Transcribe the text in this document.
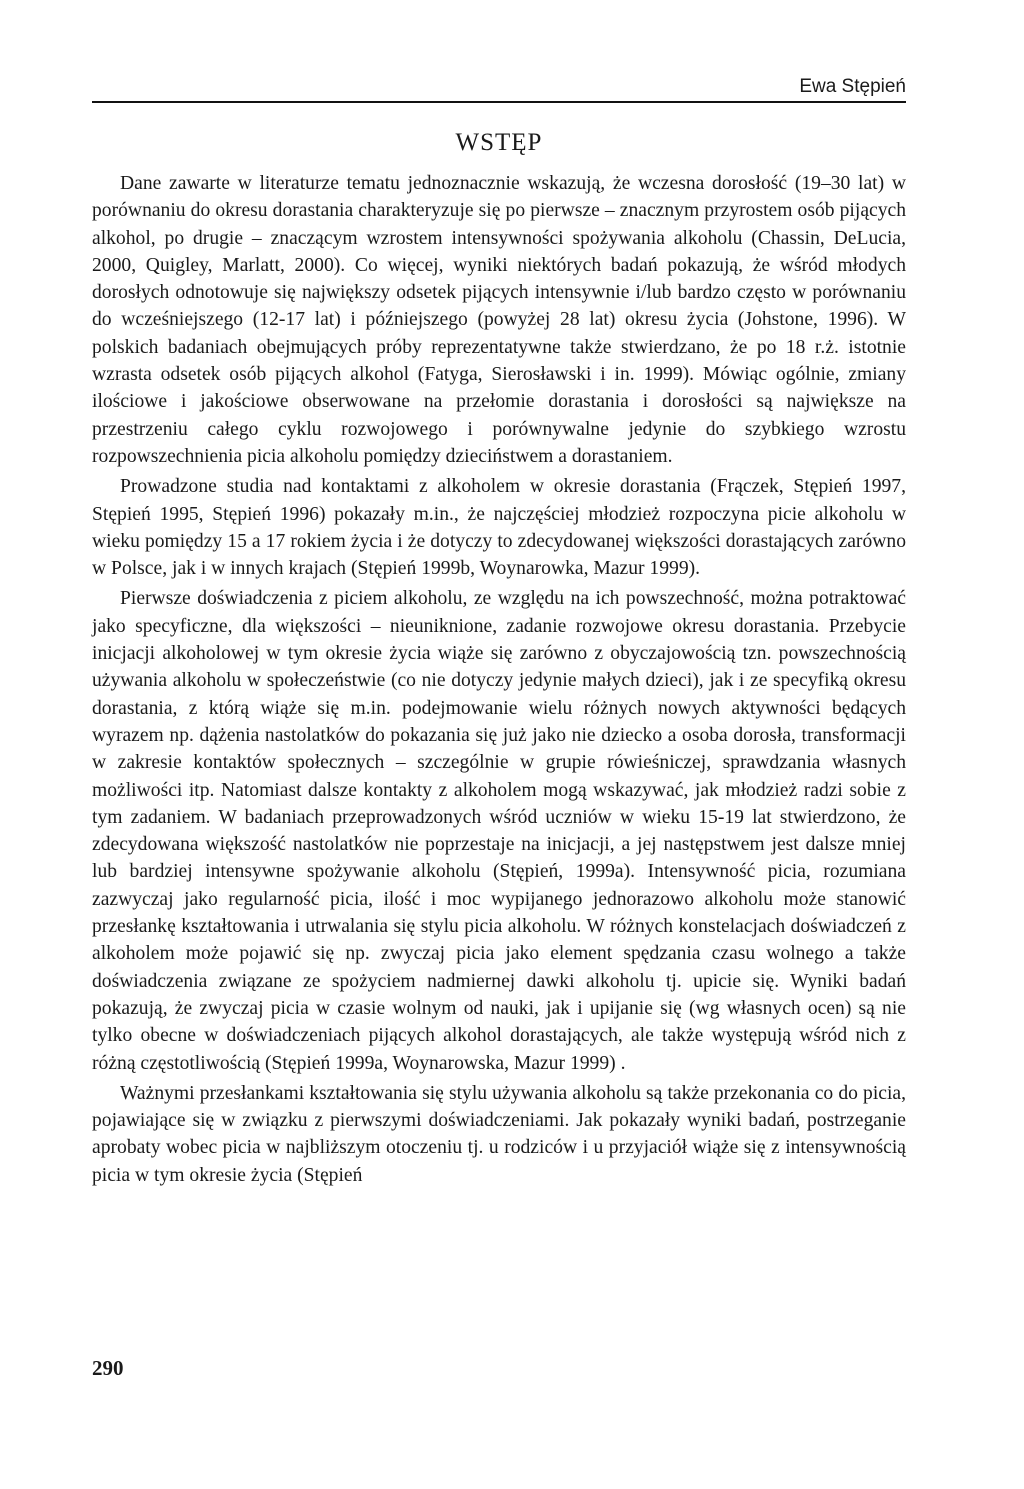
Ewa Stępień
WSTĘP

Dane zawarte w literaturze tematu jednoznacznie wskazują, że wczesna dorosłość (19–30 lat) w porównaniu do okresu dorastania charakteryzuje się po pierwsze – znacznym przyrostem osób pijących alkohol, po drugie – znaczącym wzrostem intensywności spożywania alkoholu (Chassin, DeLucia, 2000, Quigley, Marlatt, 2000). Co więcej, wyniki niektórych badań pokazują, że wśród młodych dorosłych odnotowuje się największy odsetek pijących intensywnie i/lub bardzo często w porównaniu do wcześniejszego (12-17 lat) i późniejszego (powyżej 28 lat) okresu życia (Johstone, 1996). W polskich badaniach obejmujących próby reprezentatywne także stwierdzano, że po 18 r.ż. istotnie wzrasta odsetek osób pijących alkohol (Fatyga, Sierosławski i in. 1999). Mówiąc ogólnie, zmiany ilościowe i jakościowe obserwowane na przełomie dorastania i dorosłości są największe na przestrzeniu całego cyklu rozwojowego i porównywalne jedynie do szybkiego wzrostu rozpowszechnienia picia alkoholu pomiędzy dzieciństwem a dorastaniem.

Prowadzone studia nad kontaktami z alkoholem w okresie dorastania (Frączek, Stępień 1997, Stępień 1995, Stępień 1996) pokazały m.in., że najczęściej młodzież rozpoczyna picie alkoholu w wieku pomiędzy 15 a 17 rokiem życia i że dotyczy to zdecydowanej większości dorastających zarówno w Polsce, jak i w innych krajach (Stępień 1999b, Woynarowka, Mazur 1999).

Pierwsze doświadczenia z piciem alkoholu, ze względu na ich powszechność, można potraktować jako specyficzne, dla większości – nieuniknione, zadanie rozwojowe okresu dorastania. Przebycie inicjacji alkoholowej w tym okresie życia wiąże się zarówno z obyczajowością tzn. powszechnością używania alkoholu w społeczeństwie (co nie dotyczy jedynie małych dzieci), jak i ze specyfiką okresu dorastania, z którą wiąże się m.in. podejmowanie wielu różnych nowych aktywności będących wyrazem np. dążenia nastolatków do pokazania się już jako nie dziecko a osoba dorosła, transformacji w zakresie kontaktów społecznych – szczególnie w grupie rówieśniczej, sprawdzania własnych możliwości itp. Natomiast dalsze kontakty z alkoholem mogą wskazywać, jak młodzież radzi sobie z tym zadaniem. W badaniach przeprowadzonych wśród uczniów w wieku 15-19 lat stwierdzono, że zdecydowana większość nastolatków nie poprzestaje na inicjacji, a jej następstwem jest dalsze mniej lub bardziej intensywne spożywanie alkoholu (Stępień, 1999a). Intensywność picia, rozumiana zazwyczaj jako regularność picia, ilość i moc wypijanego jednorazowo alkoholu może stanowić przesłankę kształtowania i utrwalania się stylu picia alkoholu. W różnych konstelacjach doświadczeń z alkoholem może pojawić się np. zwyczaj picia jako element spędzania czasu wolnego a także doświadczenia związane ze spożyciem nadmiernej dawki alkoholu tj. upicie się. Wyniki badań pokazują, że zwyczaj picia w czasie wolnym od nauki, jak i upijanie się (wg własnych ocen) są nie tylko obecne w doświadczeniach pijących alkohol dorastających, ale także występują wśród nich z różną częstotliwością (Stępień 1999a, Woynarowska, Mazur 1999) .

Ważnymi przesłankami kształtowania się stylu używania alkoholu są także przekonania co do picia, pojawiające się w związku z pierwszymi doświadczeniami. Jak pokazały wyniki badań, postrzeganie aprobaty wobec picia w najbliższym otoczeniu tj. u rodziców i u przyjaciół wiąże się z intensywnością picia w tym okresie życia (Stępień

290
